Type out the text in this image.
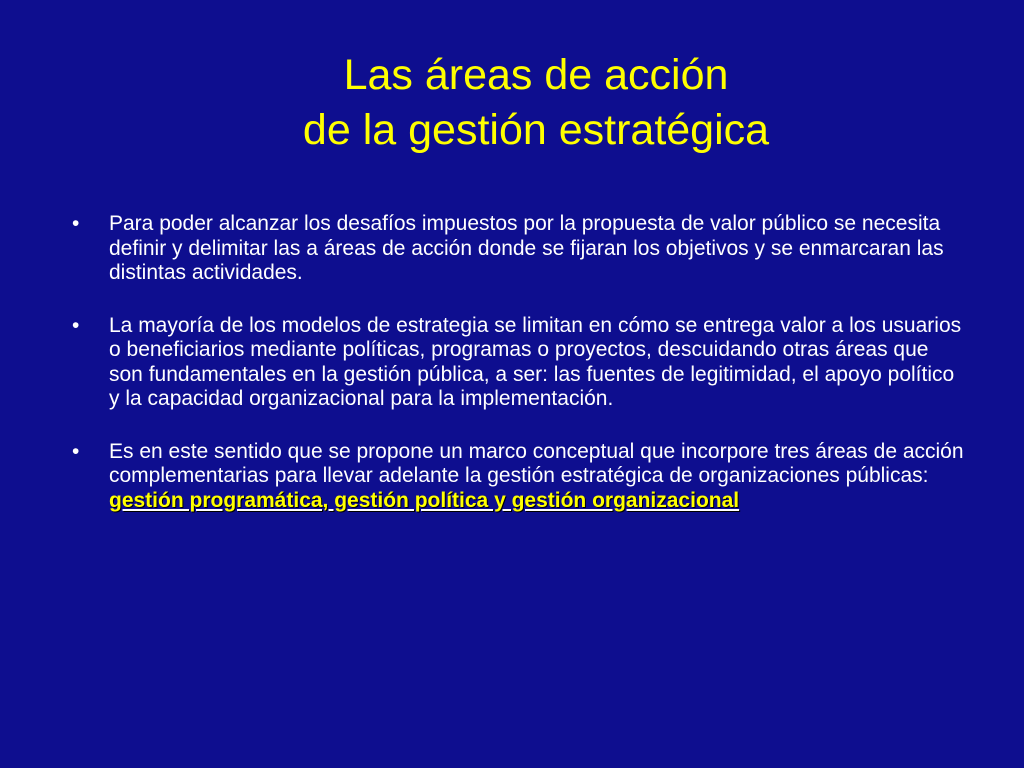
Las áreas de acción
de la gestión estratégica
•	Para poder alcanzar los desafíos impuestos por la propuesta de valor público se necesita definir y delimitar las a áreas de acción donde se fijaran los objetivos y se enmarcaran las distintas actividades.
•	La mayoría de los modelos de estrategia se limitan en cómo se entrega valor a los usuarios o beneficiarios mediante políticas, programas o proyectos, descuidando otras áreas que son fundamentales en la gestión pública, a ser: las fuentes de legitimidad, el apoyo político y la capacidad organizacional para la implementación.
•	Es en este sentido que se propone un marco conceptual que incorpore tres áreas de acción complementarias para llevar adelante la gestión estratégica de organizaciones públicas: gestión programática, gestión política y gestión organizacional
